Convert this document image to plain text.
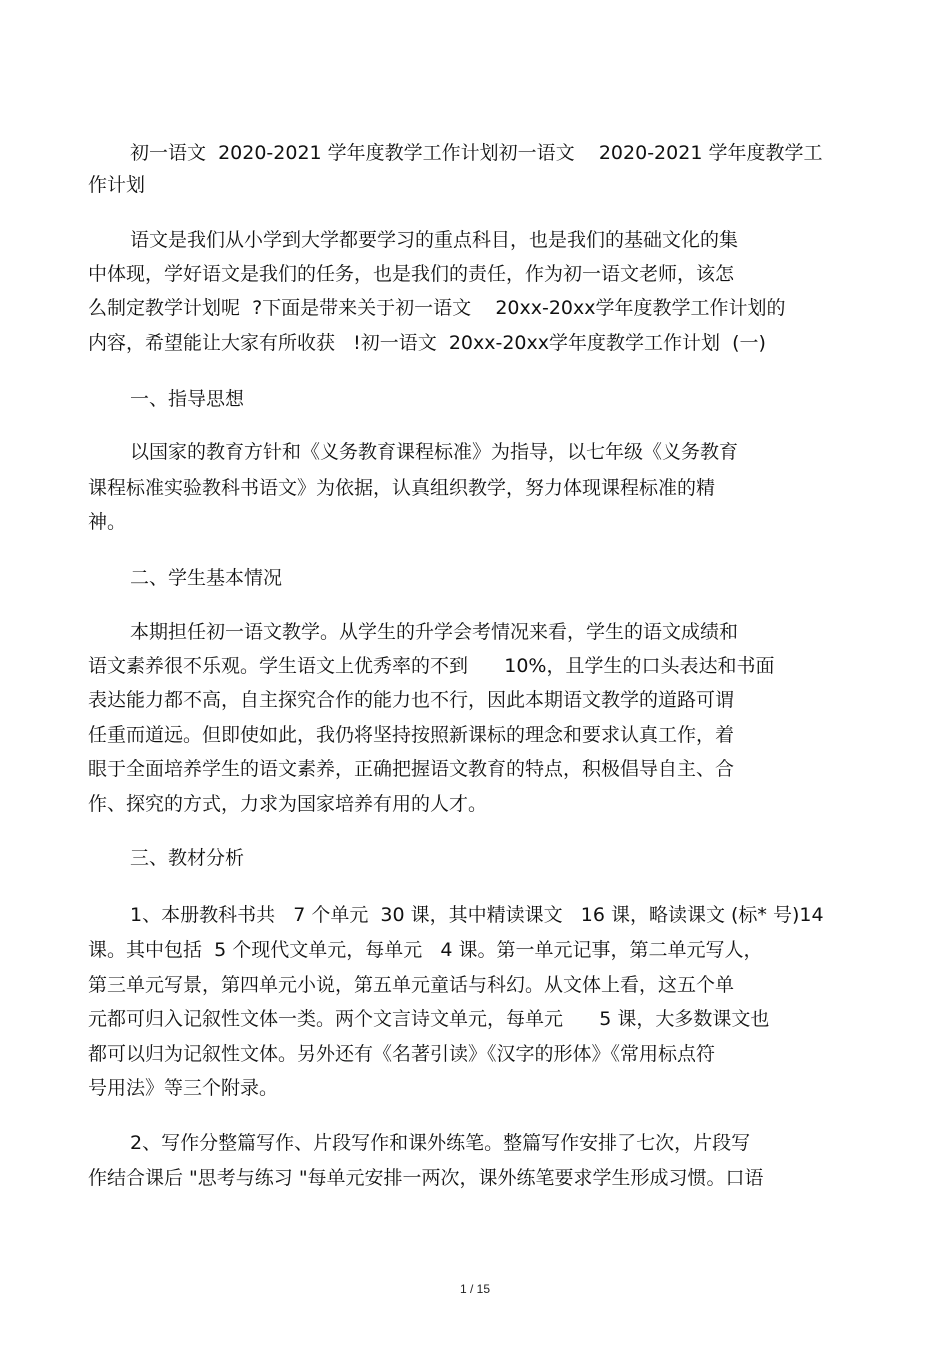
初一语文  2020-2021 学年度教学工作计划初一语文    2020-2021 学年度教学工
作计划
语文是我们从小学到大学都要学习的重点科目，也是我们的基础文化的集
中体现，学好语文是我们的任务，也是我们的责任，作为初一语文老师，该怎
么制定教学计划呢  ?下面是带来关于初一语文    20xx-20xx学年度教学工作计划的
内容，希望能让大家有所收获   !初一语文  20xx-20xx学年度教学工作计划  (一)
一、指导思想
以国家的教育方针和《义务教育课程标准》为指导，以七年级《义务教育
课程标准实验教科书语文》为依据，认真组织教学，努力体现课程标准的精
神。
二、学生基本情况
本期担任初一语文教学。从学生的升学会考情况来看，学生的语文成绩和
语文素养很不乐观。学生语文上优秀率的不到      10%，且学生的口头表达和书面
表达能力都不高，自主探究合作的能力也不行，因此本期语文教学的道路可谓
任重而道远。但即使如此，我仍将坚持按照新课标的理念和要求认真工作，着
眼于全面培养学生的语文素养，正确把握语文教育的特点，积极倡导自主、合
作、探究的方式，力求为国家培养有用的人才。
三、教材分析
1、本册教科书共   7 个单元  30 课，其中精读课文   16 课，略读课文 (标* 号)14
课。其中包括  5 个现代文单元，每单元   4 课。第一单元记事，第二单元写人，
第三单元写景，第四单元小说，第五单元童话与科幻。从文体上看，这五个单
元都可归入记叙性文体一类。两个文言诗文单元，每单元      5 课，大多数课文也
都可以归为记叙性文体。另外还有《名著引读》《汉字的形体》《常用标点符
号用法》等三个附录。
2、写作分整篇写作、片段写作和课外练笔。整篇写作安排了七次，片段写
作结合课后 "思考与练习 "每单元安排一两次，课外练笔要求学生形成习惯。口语
1 / 15
